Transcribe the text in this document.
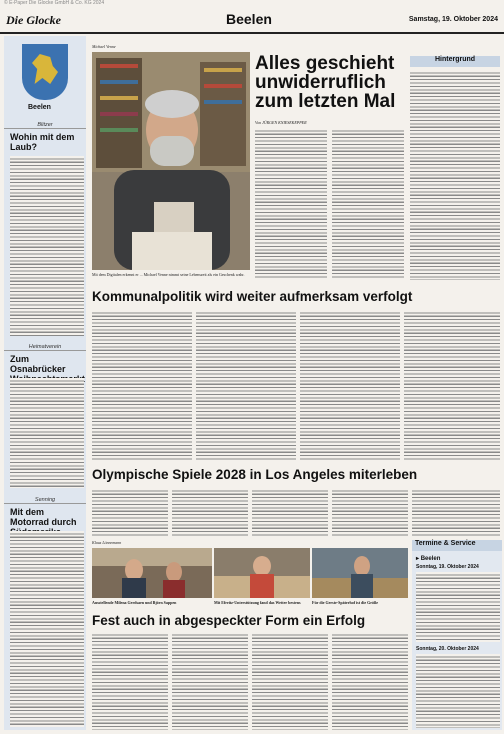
© E-Paper Die Glocke GmbH & Co. KG 2024
Die Glocke	Beelen	Samstag, 19. Oktober 2024
Beelen
Blitzer
Wohin mit dem Laub?
Heimatverein
Zum Osnabrücker
Senning
Mit dem Motorrad durch
Michael Venne
Mit dem Digitalen erkennt er ... Michael Venne nimmt seine Lebenszeit als ein Geschenk wahr.
Alles geschieht unwiderruflich zum letzten Mal
Von JÜRGEN KNIESEKEPPER
Hintergrund
Kommunalpolitik wird weiter aufmerksam verfolgt
Olympische Spiele 2028 in Los Angeles miterleben
Klaus Lönnemann
Ausstellende Milena Gerdsaen und Björn Sappen	Mit Efreitz-Unterstützung fand das Wetter bestens	Für die Gerste-Späterhof ist die Größe
Fest auch in abgespeckter Form ein Erfolg
Termine & Service
▸ Beelen
Sonntag, 19. Oktober 2024
Sonntag, 20. Oktober 2024
